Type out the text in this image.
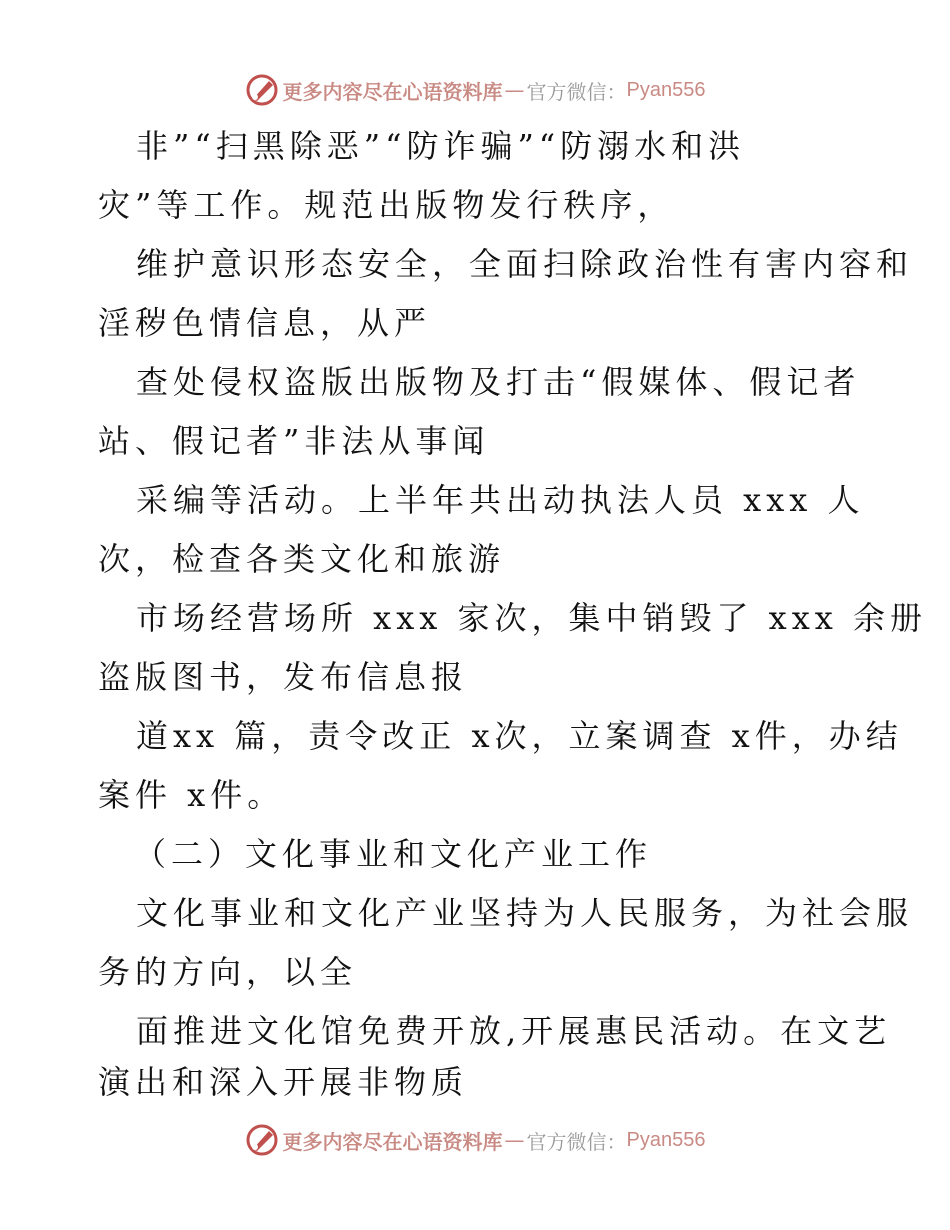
更多内容尽在心语资料库 — 官方微信： Pyan556
非”“扫黑除恶”“防诈骗”“防溺水和洪
灾”等工作。规范出版物发行秩序，
维护意识形态安全，全面扫除政治性有害内容和
淫秽色情信息，从严
查处侵权盗版出版物及打击“假媒体、假记者
站、假记者”非法从事闻
采编等活动。上半年共出动执法人员 xxx 人
次，检查各类文化和旅游
市场经营场所 xxx 家次，集中销毁了 xxx 余册
盗版图书，发布信息报
道xx 篇，责令改正 x次，立案调查 x件，办结
案件 x件。
（二）文化事业和文化产业工作
文化事业和文化产业坚持为人民服务，为社会服
务的方向，以全
面推进文化馆免费开放,开展惠民活动。在文艺
演出和深入开展非物质
更多内容尽在心语资料库 — 官方微信： Pyan556
